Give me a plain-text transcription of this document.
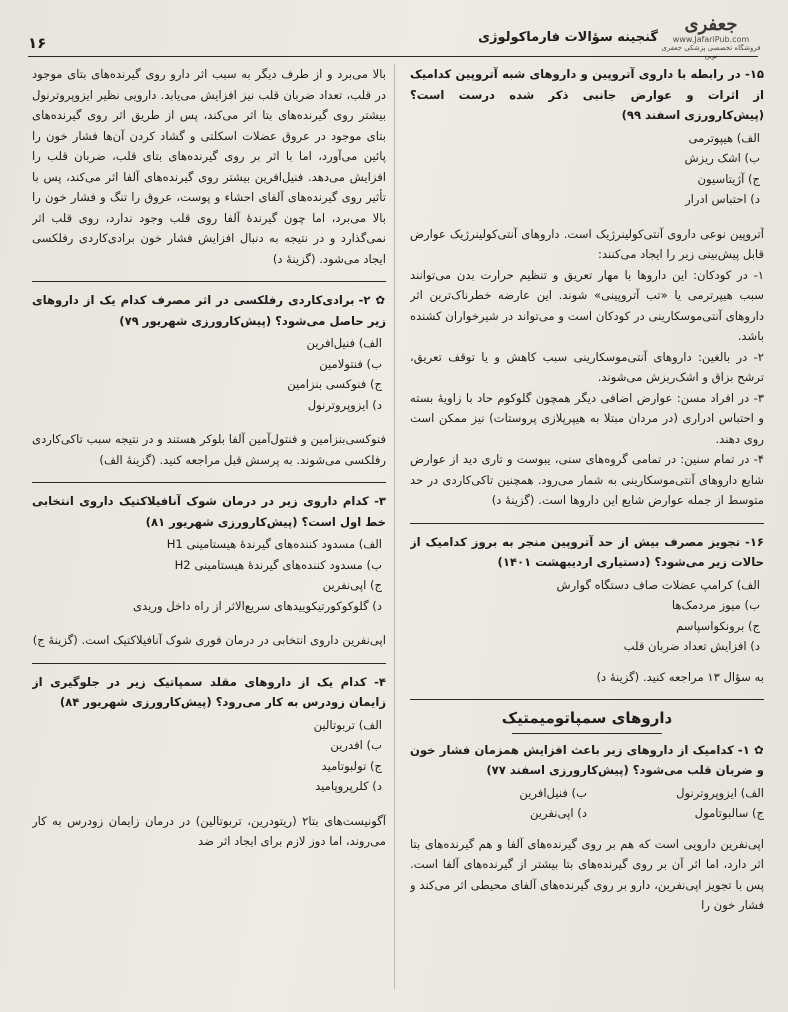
۱۶	گنجینه سؤالات فارماکولوژی
جعفری
www.JafariPub.com
فروشگاه تخصصی پزشکی جعفری نوین

۱۵- در رابطه با داروی آتروپین و داروهای شبه آتروپین کدامیک از اثرات و عوارض جانبی ذکر شده درست است؟ (پیش‌کارورزی اسفند ۹۹)

الف) هیپوترمی

ب) اشک ریزش

ج) آژیتاسیون

د) احتباس ادرار

آتروپین نوعی داروی آنتی‌کولینرژیک است. داروهای آنتی‌کولینرژیک عوارض قابل پیش‌بینی زیر را ایجاد می‌کنند:

۱- در کودکان: این داروها با مهار تعریق و تنظیم حرارت بدن می‌توانند سبب هیپرترمی یا «تب آتروپینی» شوند. این عارضه خطرناک‌ترین اثر داروهای آنتی‌موسکارینی در کودکان است و می‌تواند در شیرخواران کشنده باشد.

۲- در بالغین: داروهای آنتی‌موسکارینی سبب کاهش و یا توقف تعریق، ترشح بزاق و اشک‌ریزش می‌شوند.

۳- در افراد مسن: عوارض اضافی دیگر همچون گلوکوم حاد با زاویهٔ بسته و احتباس ادراری (در مردان مبتلا به هیپرپلازی پروستات) نیز ممکن است روی دهند.

۴- در تمام سنین: در تمامی گروه‌های سنی، یبوست و تاری دید از عوارض شایع داروهای آنتی‌موسکارینی به شمار می‌رود. همچنین تاکی‌کاردی در حد متوسط از جمله عوارض شایع این داروها است. (گزینهٔ د)

۱۶- تجویز مصرف بیش از حد آتروپین منجر به بروز کدامیک از حالات زیر می‌شود؟ (دستیاری اردیبهشت ۱۴۰۱)

الف) کرامپ عضلات صاف دستگاه گوارش

ب) میوز مردمک‌ها

ج) برونکواسپاسم

د) افزایش تعداد ضربان قلب

به سؤال ۱۳ مراجعه کنید. (گزینهٔ د)

داروهای سمپاتومیمتیک

✿ ۱- کدامیک از داروهای زیر باعث افزایش همزمان فشار خون و ضربان قلب می‌شود؟ (پیش‌کارورزی اسفند ۷۷)

الف) ایزوپروترنول
ب) فنیل‌افرین
ج) سالبوتامول
د) اپی‌نفرین

اپی‌نفرین دارویی است که هم بر روی گیرنده‌های آلفا و هم گیرنده‌های بتا اثر دارد، اما اثر آن بر روی گیرنده‌های بتا بیشتر از گیرنده‌های آلفا است. پس با تجویز اپی‌نفرین، دارو بر روی گیرنده‌های آلفای محیطی اثر می‌کند و فشار خون را

بالا می‌برد و از طرف دیگر به سبب اثر دارو روی گیرنده‌های بتای موجود در قلب، تعداد ضربان قلب نیز افزایش می‌یابد. دارویی نظیر ایزوپروترنول بیشتر روی گیرنده‌های بتا اثر می‌کند، پس از طریق اثر روی گیرنده‌های بتای موجود در عروق عضلات اسکلتی و گشاد کردن آن‌ها فشار خون را پائین می‌آورد، اما با اثر بر روی گیرنده‌های بتای قلب، ضربان قلب را افزایش می‌دهد. فنیل‌افرین بیشتر روی گیرنده‌های آلفا اثر می‌کند، پس با تأثیر روی گیرنده‌های آلفای احشاء و پوست، عروق را تنگ و فشار خون را بالا می‌برد، اما چون گیرندهٔ آلفا روی قلب وجود ندارد، روی قلب اثر نمی‌گذارد و در نتیجه به دنبال افزایش فشار خون برادی‌کاردی رفلکسی ایجاد می‌شود. (گزینهٔ د)

✿ ۲- برادی‌کاردی رفلکسی در اثر مصرف کدام یک از داروهای زیر حاصل می‌شود؟ (پیش‌کارورزی شهریور ۷۹)

الف) فنیل‌افرین

ب) فنتولامین

ج) فنوکسی بنزامین

د) ایزوپروترنول

فنوکسی‌بنزامین و فنتول‌آمین آلفا بلوکر هستند و در نتیجه سبب تاکی‌کاردی رفلکسی می‌شوند. به پرسش قبل مراجعه کنید. (گزینهٔ الف)

۳- کدام داروی زیر در درمان شوک آنافیلاکتیک داروی انتخابی خط اول است؟ (پیش‌کارورزی شهریور ۸۱)

الف) مسدود کننده‌های گیرندهٔ هیستامینی H1

ب) مسدود کننده‌های گیرندهٔ هیستامینی H2

ج) اپی‌نفرین

د) گلوکوکورتیکوییدهای سریع‌الاثر از راه داخل وریدی

اپی‌نفرین داروی انتخابی در درمان فوری شوک آنافیلاکتیک است. (گزینهٔ ج)

۴- کدام یک از داروهای مقلد سمپاتیک زیر در جلوگیری از زایمان زودرس به کار می‌رود؟ (پیش‌کارورزی شهریور ۸۴)

الف) تربوتالین

ب) افدرین

ج) تولبوتامید

د) کلرپروپامید

آگونیست‌های بتا۲ (ریتودرین، تربوتالین) در درمان زایمان زودرس به کار می‌روند، اما دوز لازم برای ایجاد اثر ضد
